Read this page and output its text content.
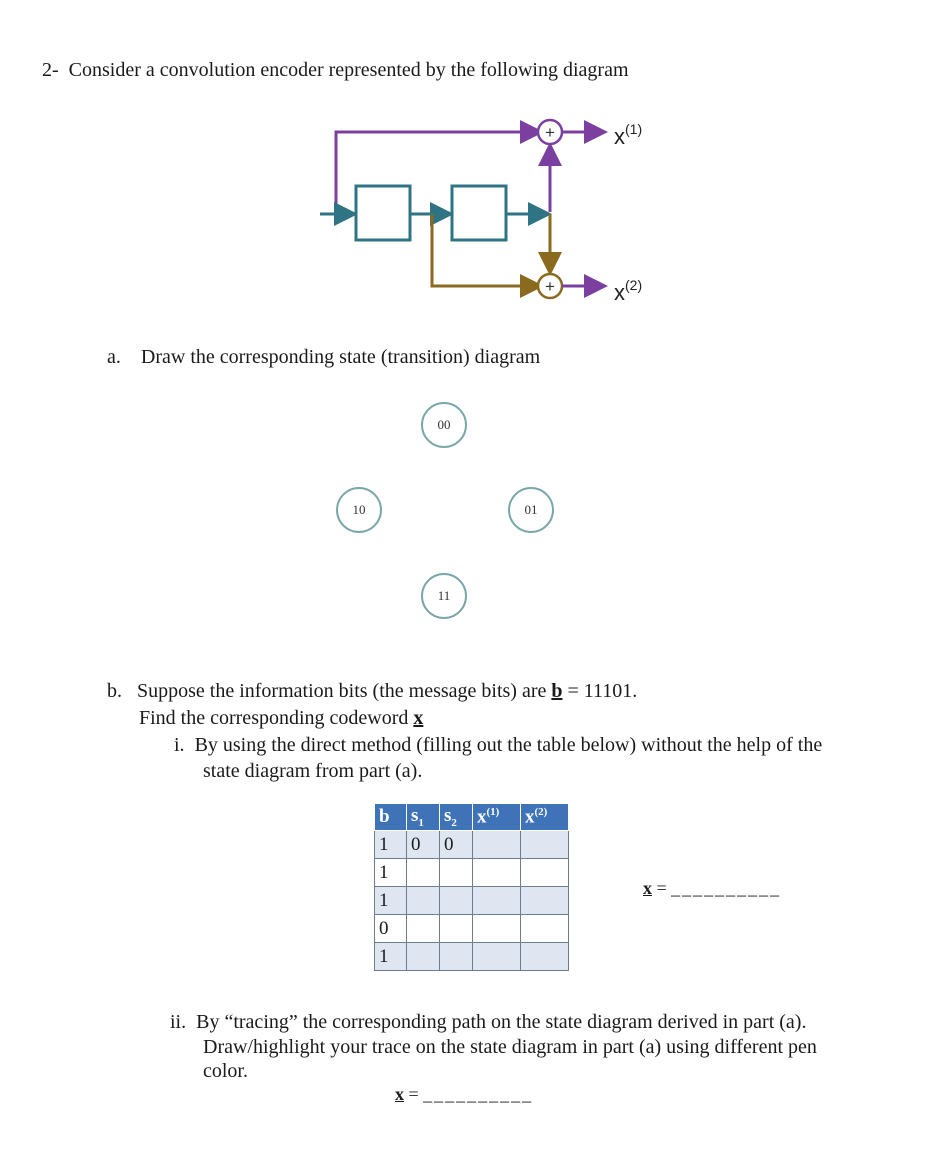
2- Consider a convolution encoder represented by the following diagram
+
+
$x^{(1)}$
$x^{(2)}$
a. Draw the corresponding state (transition) diagram
00
10	01
11
b. Suppose the information bits (the message bits) are b = 11101.
Find the corresponding codeword x
i. By using the direct method (filling out the table below) without the help of the
state diagram from part (a).
b	$s_1$	$s_2$	$x^{(1)}$	$x^{(2)}$
1	0	0		
1				
1				
0				
1				
x = __________
ii. By “tracing” the corresponding path on the state diagram derived in part (a).
Draw/highlight your trace on the state diagram in part (a) using different pen
color.
x = __________
